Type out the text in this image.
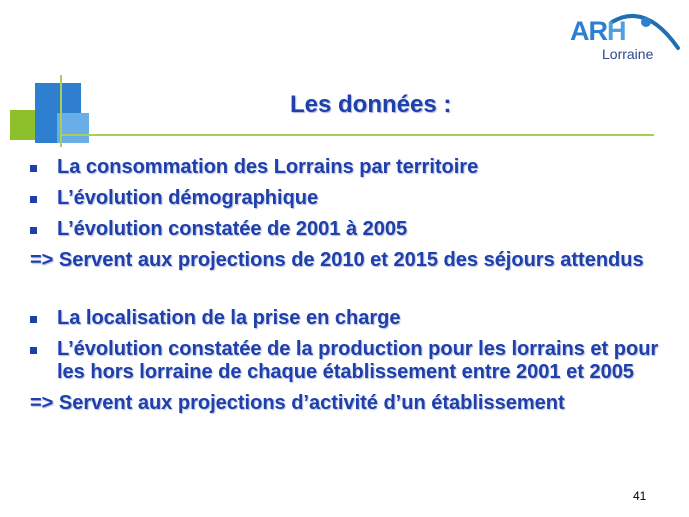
ARH
Lorraine
Les données :
La consommation des Lorrains par territoire
L’évolution démographique
L’évolution constatée de 2001 à 2005
=> Servent aux projections de 2010 et 2015 des séjours attendus
La localisation de la prise en charge
L’évolution constatée de la production pour les lorrains et pour les hors lorraine de chaque établissement entre 2001 et 2005
=> Servent aux projections d’activité d’un établissement
41
